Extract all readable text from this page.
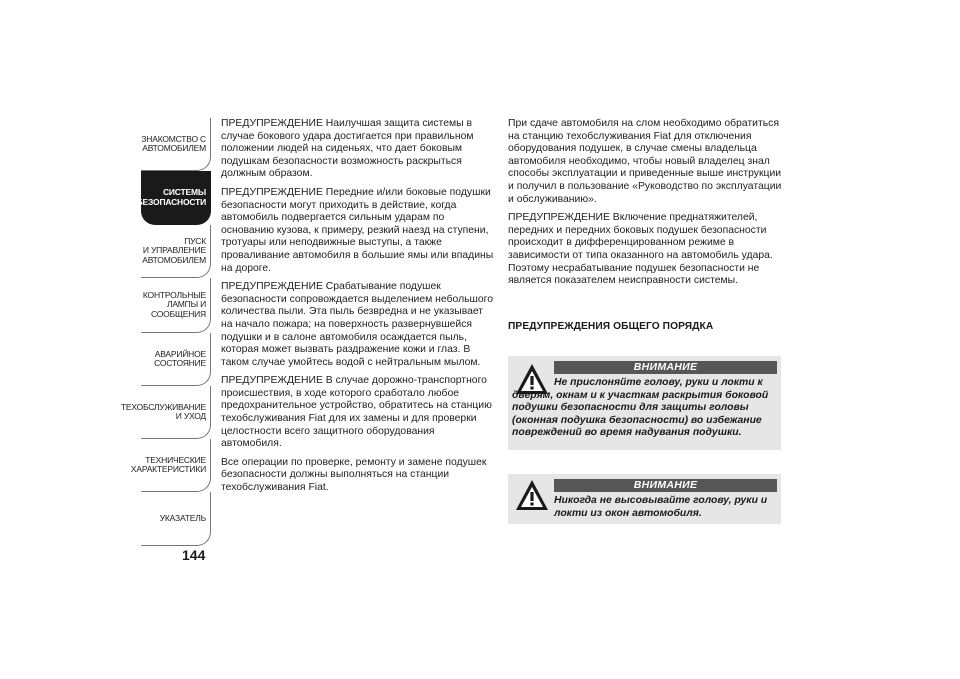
ЗНАКОМСТВО С
АВТОМОБИЛЕМ
СИСТЕМЫ
БЕЗОПАСНОСТИ
ПУСК
И УПРАВЛЕНИЕ
АВТОМОБИЛЕМ
КОНТРОЛЬНЫЕ
ЛАМПЫ И
СООБЩЕНИЯ
АВАРИЙНОЕ
СОСТОЯНИЕ
ТЕХОБСЛУЖИВАНИЕ
И УХОД
ТЕХНИЧЕСКИЕ
ХАРАКТЕРИСТИКИ
УКАЗАТЕЛЬ
144

ПРЕДУПРЕЖДЕНИЕ Наилучшая защита системы в случае бокового удара достигается при правильном положении людей на сиденьях, что дает боковым подушкам безопасности возможность раскрыться должным образом.

ПРЕДУПРЕЖДЕНИЕ Передние и/или боковые подушки безопасности могут приходить в действие, когда автомобиль подвергается сильным ударам по основанию кузова, к примеру, резкий наезд на ступени, тротуары или неподвижные выступы, а также проваливание автомобиля в большие ямы или впадины на дороге.

ПРЕДУПРЕЖДЕНИЕ Срабатывание подушек безопасности сопровождается выделением небольшого количества пыли. Эта пыль безвредна и не указывает на начало пожара; на поверхность развернувшейся подушки и в салоне автомобиля осаждается пыль, которая может вызвать раздражение кожи и глаз. В таком случае умойтесь водой с нейтральным мылом.

ПРЕДУПРЕЖДЕНИЕ В случае дорожно-транспортного происшествия, в ходе которого сработало любое предохранительное устройство, обратитесь на станцию техобслуживания Fiat для их замены и для проверки целостности всего защитного оборудования автомобиля.

Все операции по проверке, ремонту и замене подушек безопасности должны выполняться на станции техобслуживания Fiat.

При сдаче автомобиля на слом необходимо обратиться на станцию техобслуживания Fiat для отключения оборудования подушек, в случае смены владельца автомобиля необходимо, чтобы новый владелец знал способы эксплуатации и приведенные выше инструкции и получил в пользование «Руководство по эксплуатации и обслуживанию».

ПРЕДУПРЕЖДЕНИЕ Включение преднатяжителей, передних и передних боковых подушек безопасности происходит в дифференцированном режиме в зависимости от типа оказанного на автомобиль удара. Поэтому несрабатывание подушек безопасности не является показателем неисправности системы.

ПРЕДУПРЕЖДЕНИЯ ОБЩЕГО ПОРЯДКА
ВНИМАНИЕ
Не прислоняйте голову, руки и локти к дверям, окнам и к участкам раскрытия боковой подушки безопасности для защиты головы (оконная подушка безопасности) во избежание повреждений во время надувания подушки.
ВНИМАНИЕ
Никогда не высовывайте голову, руки и локти из окон автомобиля.
